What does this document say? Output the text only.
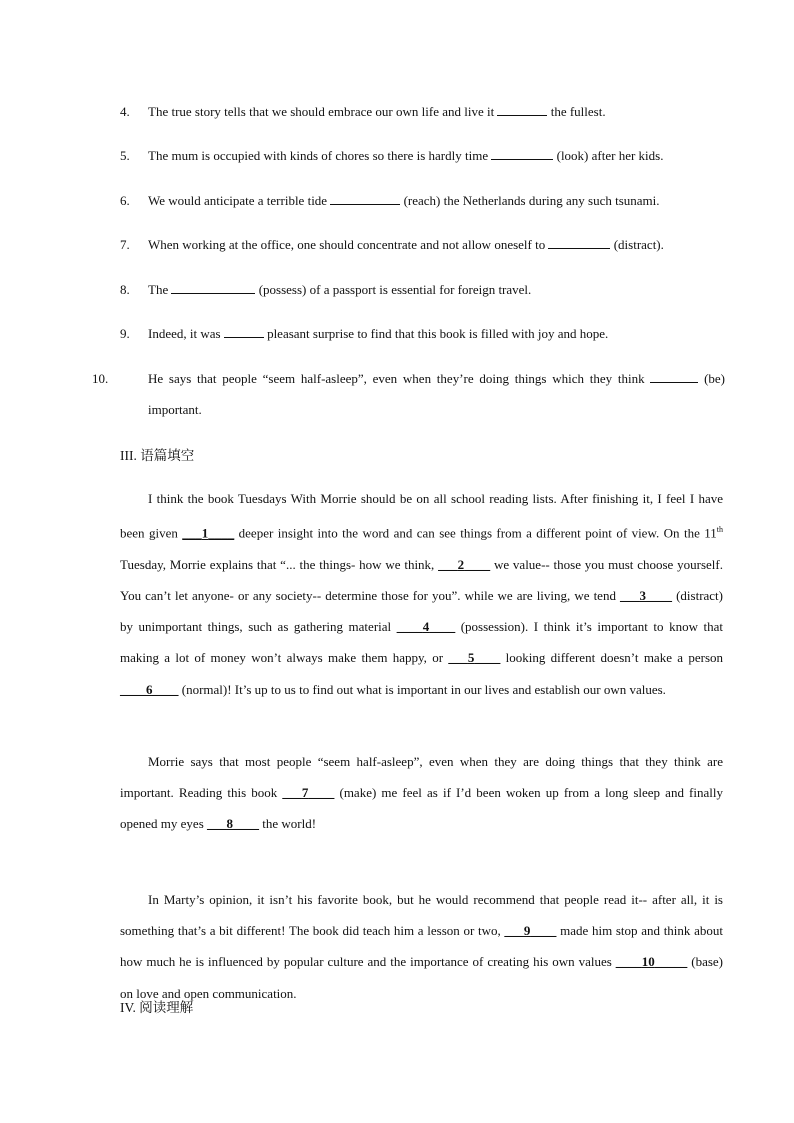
4. The true story tells that we should embrace our own life and live it	the fullest.
5. The mum is occupied with kinds of chores so there is hardly time	(look) after her kids.
6. We would anticipate a terrible tide	(reach) the Netherlands during any such tsunami.
7. When working at the office, one should concentrate and not allow oneself to	(distract).
8. The	(possess) of a passport is essential for foreign travel.
9. Indeed, it was	pleasant surprise to find that this book is filled with joy and hope.
10.	He says that people “seem half-asleep”, even when they’re doing things which they think	(be) important.
III. 语篇填空
I think the book Tuesdays With Morrie should be on all school reading lists. After finishing it, I feel I have been given ___1____ deeper insight into the word and can see things from a different point of view. On the 11th Tuesday, Morrie explains that “... the things- how we think, ___2____ we value-- those you must choose yourself. You can’t let anyone- or any society-- determine those for you”. while we are living, we tend ___3____ (distract) by unimportant things, such as gathering material ____4____ (possession). I think it’s important to know that making a lot of money won’t always make them happy, or ___5____ looking different doesn’t make a person ____6____ (normal)! It’s up to us to find out what is important in our lives and establish our own values.
Morrie says that most people “seem half-asleep”, even when they are doing things that they think are important. Reading this book ___7____ (make) me feel as if I’d been woken up from a long sleep and finally opened my eyes ___8____ the world!
In Marty’s opinion, it isn’t his favorite book, but he would recommend that people read it-- after all, it is something that’s a bit different! The book did teach him a lesson or two, ___9____ made him stop and think about how much he is influenced by popular culture and the importance of creating his own values ____10_____ (base) on love and open communication.
IV. 阅读理解
